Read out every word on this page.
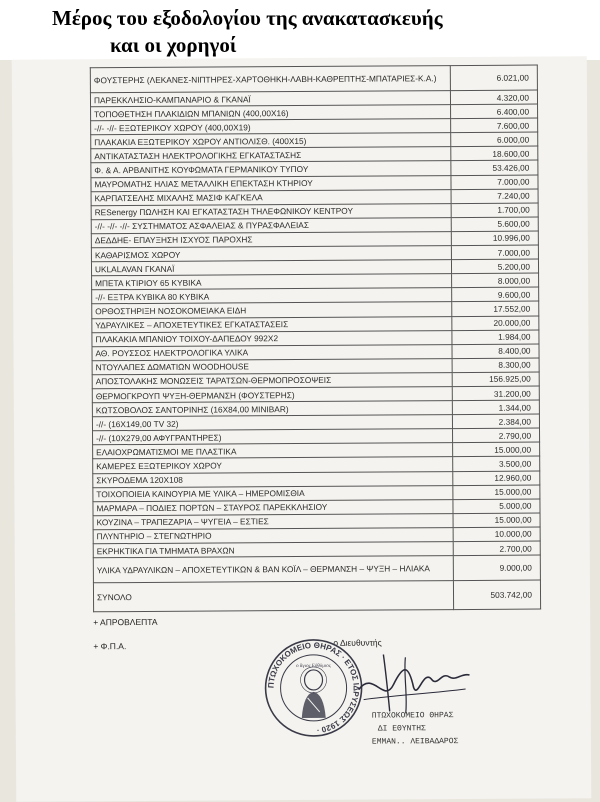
Μέρος του εξοδολογίου της ανακατασκευής
και οι χορηγοί
ΦΟΥΣΤΕΡΗΣ (ΛΕΚΑΝΕΣ-ΝΙΠΤΗΡΕΣ-ΧΑΡΤΟΘΗΚΗ-ΛΑΒΗ-ΚΑΘΡΕΠΤΗΣ-ΜΠΑΤΑΡΙΕΣ-Κ.Α.)	6.021,00
ΠΑΡΕΚΚΛΗΣΙΟ-ΚΑΜΠΑΝΑΡΙΟ & ΓΚΑΝΑΪ	4.320,00
ΤΟΠΟΘΕΤΗΣΗ ΠΛΑΚΙΔΙΩΝ ΜΠΑΝΙΩΝ (400,00Χ16)	6.400,00
-//- -//- ΕΞΩΤΕΡΙΚΟΥ ΧΩΡΟΥ (400,00Χ19)	7.600,00
ΠΛΑΚΑΚΙΑ ΕΞΩΤΕΡΙΚΟΥ ΧΩΡΟΥ ΑΝΤΙΟΛΙΣΘ. (400Χ15)	6.000,00
ΑΝΤΙΚΑΤΑΣΤΑΣΗ ΗΛΕΚΤΡΟΛΟΓΙΚΗΣ ΕΓΚΑΤΑΣΤΑΣΗΣ	18.600,00
Φ. & Α. ΑΡΒΑΝΙΤΗΣ ΚΟΥΦΩΜΑΤΑ ΓΕΡΜΑΝΙΚΟΥ ΤΥΠΟΥ	53.426,00
ΜΑΥΡΟΜΑΤΗΣ ΗΛΙΑΣ ΜΕΤΑΛΛΙΚΗ ΕΠΕΚΤΑΣΗ ΚΤΗΡΙΟΥ	7.000,00
ΚΑΡΠΑΤΣΕΛΗΣ ΜΙΧΑΛΗΣ ΜΑΣΙΦ ΚΑΓΚΕΛΑ	7.240,00
RESenergy ΠΩΛΗΣΗ ΚΑΙ ΕΓΚΑΤΑΣΤΑΣΗ ΤΗΛΕΦΩΝΙΚΟΥ ΚΕΝΤΡΟΥ	1.700,00
-//- -//- -//- ΣΥΣΤΗΜΑΤΟΣ ΑΣΦΑΛΕΙΑΣ & ΠΥΡΑΣΦΑΛΕΙΑΣ	5.600,00
ΔΕΔΔΗΕ- ΕΠΑΥΞΗΣΗ ΙΣΧΥΟΣ ΠΑΡΟΧΗΣ	10.996,00
ΚΑΘΑΡΙΣΜΟΣ ΧΩΡΟΥ	7.000,00
UKLALAVAN ΓΚΑΝΑΪ	5.200,00
ΜΠΕΤΑ ΚΤΙΡΙΟΥ 65 ΚΥΒΙΚΑ	8.000,00
-//- ΕΞΤΡΑ ΚΥΒΙΚΑ 80 ΚΥΒΙΚΑ	9.600,00
ΟΡΘΟΣΤΗΡΙΞΗ ΝΟΣΟΚΟΜΕΙΑΚΑ ΕΙΔΗ	17.552,00
ΥΔΡΑΥΛΙΚΕΣ – ΑΠΟΧΕΤΕΥΤΙΚΕΣ ΕΓΚΑΤΑΣΤΑΣΕΙΣ	20.000,00
ΠΛΑΚΑΚΙΑ ΜΠΑΝΙΟΥ ΤΟΙΧΟΥ-ΔΑΠΕΔΟΥ 992Χ2	1.984,00
ΑΘ. ΡΟΥΣΣΟΣ ΗΛΕΚΤΡΟΛΟΓΙΚΑ ΥΛΙΚΑ	8.400,00
ΝΤΟΥΛΑΠΕΣ ΔΩΜΑΤΙΩΝ WOODHOUSE	8.300,00
ΑΠΟΣΤΟΛΑΚΗΣ ΜΟΝΩΣΕΙΣ ΤΑΡΑΤΣΩΝ-ΘΕΡΜΟΠΡΟΣΟΨΕΙΣ	156.925,00
ΘΕΡΜΟΓΚΡΟΥΠ ΨΥΞΗ-ΘΕΡΜΑΝΣΗ (ΦΟΥΣΤΕΡΗΣ)	31.200,00
ΚΩΤΣΟΒΟΛΟΣ ΣΑΝΤΟΡΙΝΗΣ (16Χ84,00 MINIBAR)	1.344,00
-//- (16Χ149,00 TV 32)	2.384,00
-//- (10Χ279,00 ΑΦΥΓΡΑΝΤΗΡΕΣ)	2.790,00
ΕΛΑΙΟΧΡΩΜΑΤΙΣΜΟΙ ΜΕ ΠΛΑΣΤΙΚΑ	15.000,00
ΚΑΜΕΡΕΣ ΕΞΩΤΕΡΙΚΟΥ ΧΩΡΟΥ	3.500,00
ΣΚΥΡΟΔΕΜΑ 120Χ108	12.960,00
ΤΟΙΧΟΠΟΙΕΙΑ ΚΑΙΝΟΥΡΙΑ ΜΕ ΥΛΙΚΑ – ΗΜΕΡΟΜΙΣΘΙΑ	15.000,00
ΜΑΡΜΑΡΑ – ΠΟΔΙΕΣ ΠΟΡΤΩΝ – ΣΤΑΥΡΟΣ ΠΑΡΕΚΚΛΗΣΙΟΥ	5.000,00
ΚΟΥΖΙΝΑ – ΤΡΑΠΕΖΑΡΙΑ – ΨΥΓΕΙΑ – ΕΣΤΙΕΣ	15.000,00
ΠΛΥΝΤΗΡΙΟ – ΣΤΕΓΝΩΤΗΡΙΟ	10.000,00
ΕΚΡΗΚΤΙΚΑ ΓΙΑ ΤΜΗΜΑΤΑ ΒΡΑΧΩΝ	2.700,00
ΥΛΙΚΑ ΥΔΡΑΥΛΙΚΩΝ – ΑΠΟΧΕΤΕΥΤΙΚΩΝ & ΒΑΝ ΚΟΪΛ – ΘΕΡΜΑΝΣΗ – ΨΥΞΗ – ΗΛΙΑΚΑ	9.000,00
ΣΥΝΟΛΟ	503.742,00
+ ΑΠΡΟΒΛΕΠΤΑ
+ Φ.Π.Α.	ο Διευθυντής
ΠΤΩΧΟΚΟΜΕΙΟ ΘΗΡΑΣ · ΕΤΟΣ ΙΔΡΥΣΕΩΣ 1920 ·
ο ἅγιος Εὐθύμιος
ΠΤΩΧΟΚΟΜΕΙΟ ΘΗΡΑΣ
ΔΙ ΕΘΥΝΤΗΣ
ΕΜΜΑΝ.. ΛΕΙΒΑΔΑΡΟΣ
